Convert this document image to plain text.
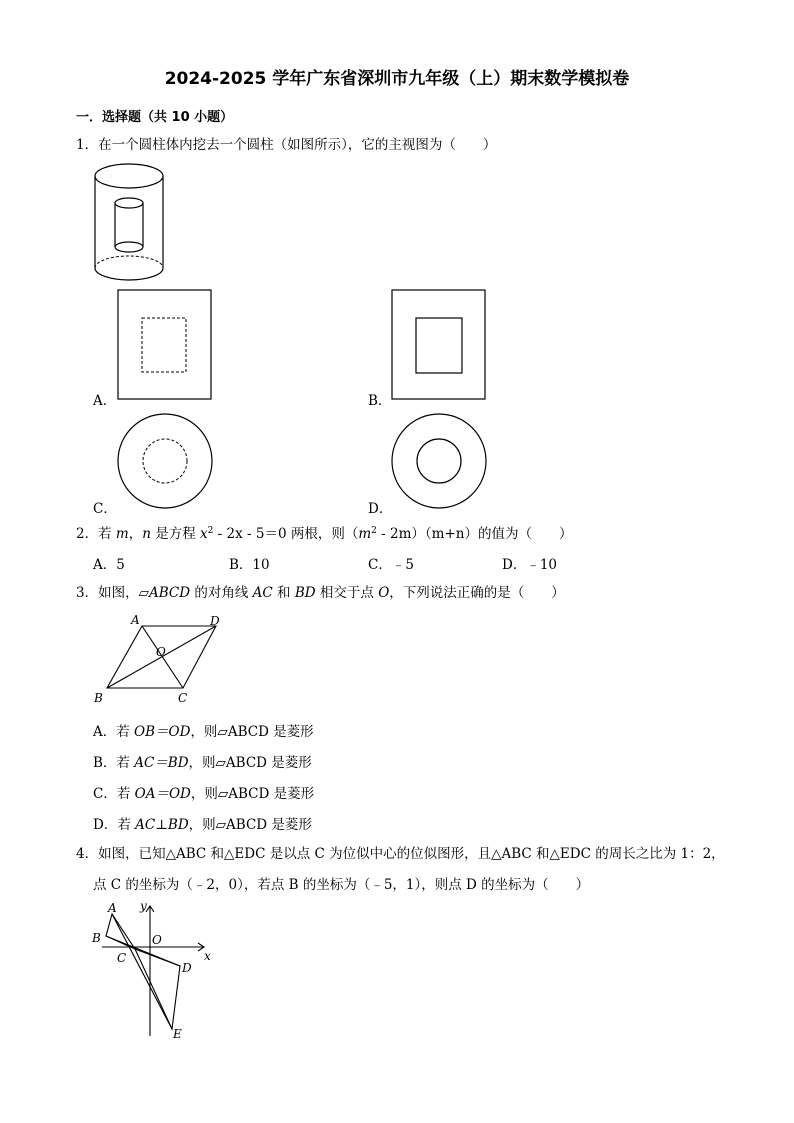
2024-2025 学年广东省深圳市九年级（上）期末数学模拟卷
一．选择题（共 10 小题）
1．在一个圆柱体内挖去一个圆柱（如图所示），它的主视图为（　　）
A．	B．
C．	D．
2．若 m，n 是方程 $x^2 - 2x - 5=0$ 两根，则$(m^2 - 2m)(m+n)$的值为（　　）
A．5	B．10	C．﹣5	D．﹣10
3．如图，▱ABCD 的对角线 AC 和 BD 相交于点 O，下列说法正确的是（　　）
A	D
O
B	C
A．若 OB＝OD，则▱ABCD 是菱形
B．若 AC＝BD，则▱ABCD 是菱形
C．若 OA＝OD，则▱ABCD 是菱形
D．若 AC⊥BD，则▱ABCD 是菱形
4．如图，已知△ABC 和△EDC 是以点 C 为位似中心的位似图形，且△ABC 和△EDC 的周长之比为 1：2，
点 C 的坐标为（﹣2，0），若点 B 的坐标为（﹣5，1），则点 D 的坐标为（　　）
A
B
C
O
D
E
x
y
